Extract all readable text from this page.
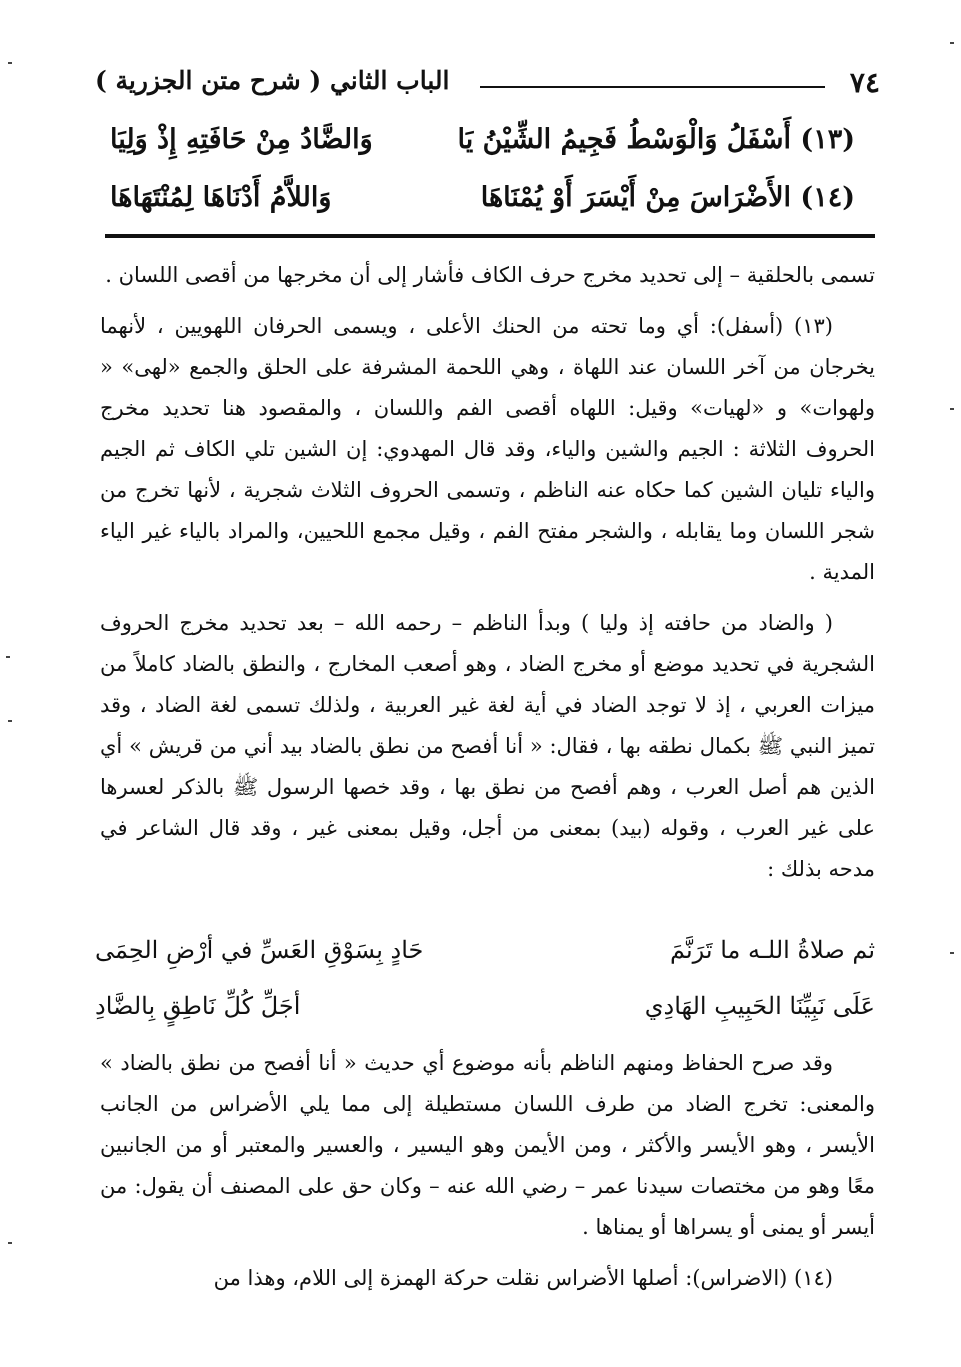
٧٤
الباب الثاني ( شرح متن الجزرية )
(١٣) أَسْفَلُ وَالْوَسْطُ فَجِيمُ الشِّيْنُ يَا
وَالضَّادُ مِنْ حَافَتِهِ إِذْ وَلِيَا
(١٤) الأَضْرَاسَ مِنْ أَيْسَرَ أَوْ يُمْنَاهَا
وَاللاَّمُ أَدْنَاهَا لِمُنْتَهَاهَا

تسمى بالحلقية – إلى تحديد مخرج حرف الكاف فأشار إلى أن مخرجها من أقصى اللسان .

(١٣) (أسفل): أي وما تحته من الحنك الأعلى ، ويسمى الحرفان اللهويين ، لأنهما يخرجان من آخر اللسان عند اللهاة ، وهي اللحمة المشرفة على الحلق والجمع «لهى» « ولهوات» و «لهيات» وقيل: اللهاه أقصى الفم واللسان ، والمقصود هنا تحديد مخرج الحروف الثلاثة : الجيم والشين والياء، وقد قال المهدوي: إن الشين تلي الكاف ثم الجيم والياء تليان الشين كما حكاه عنه الناظم ، وتسمى الحروف الثلاث شجرية ، لأنها تخرج من شجر اللسان وما يقابله ، والشجر مفتح الفم ، وقيل مجمع اللحيين، والمراد بالياء غير الياء المدية .

( والضاد من حافته إذ وليا ) وبدأ الناظم – رحمه الله – بعد تحديد مخرج الحروف الشجرية في تحديد موضع أو مخرج الضاد ، وهو أصعب المخارج ، والنطق بالضاد كاملاً من ميزات العربي ، إذ لا توجد الضاد في أية لغة غير العربية ، ولذلك تسمى لغة الضاد ، وقد تميز النبي ﷺ بكمال نطقه بها ، فقال: « أنا أفصح من نطق بالضاد بيد أني من قريش » أي الذين هم أصل العرب ، وهم أفصح من نطق بها ، وقد خصها الرسول ﷺ بالذكر لعسرها على غير العرب ، وقوله (بيد) بمعنى من أجل، وقيل بمعنى غير ، وقد قال الشاعر في مدحه بذلك :

ثم صلاةُ اللـه ما تَرَنَّمَ
حَادٍ بِسَوْقِ العَسِّ في أرْضِ الحِمَى
عَلَى نَبِيِّنَا الحَبِيبِ الهَادِي
أجَلِّ كُلِّ نَاطِقٍ بِالضَّادِ

وقد صرح الحفاظ ومنهم الناظم بأنه موضوع أي حديث « أنا أفصح من نطق بالضاد » والمعنى: تخرج الضاد من طرف اللسان مستطيلة إلى مما يلي الأضراس من الجانب الأيسر ، وهو الأيسر والأكثر ، ومن الأيمن وهو اليسير ، والعسير والمعتبر أو من الجانبين معًا وهو من مختصات سيدنا عمر – رضي الله عنه – وكان حق على المصنف أن يقول: من أيسر أو يمنى أو يسراها أو يمناها .

(١٤) (الاضراس): أصلها الأضراس نقلت حركة الهمزة إلى اللام، وهذا من
